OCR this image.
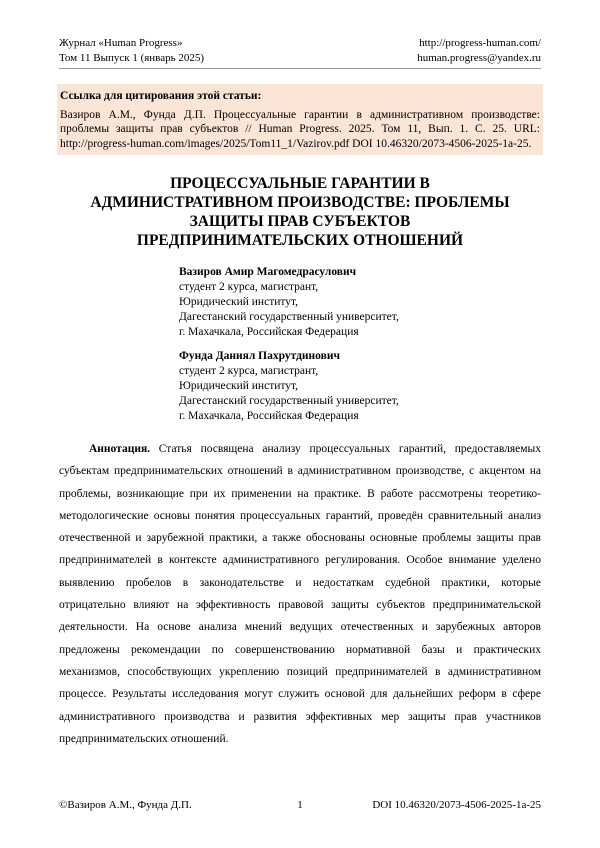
Журнал «Human Progress»
Том 11 Выпуск 1 (январь 2025)
http://progress-human.com/
human.progress@yandex.ru
Ссылка для цитирования этой статьи:
Вазиров А.М., Фунда Д.П. Процессуальные гарантии в административном производстве: проблемы защиты прав субъектов // Human Progress. 2025. Том 11, Вып. 1. С. 25. URL: http://progress-human.com/images/2025/Tom11_1/Vazirov.pdf DOI 10.46320/2073-4506-2025-1a-25.
ПРОЦЕССУАЛЬНЫЕ ГАРАНТИИ В
АДМИНИСТРАТИВНОМ ПРОИЗВОДСТВЕ: ПРОБЛЕМЫ
ЗАЩИТЫ ПРАВ СУБЪЕКТОВ
ПРЕДПРИНИМАТЕЛЬСКИХ ОТНОШЕНИЙ
Вазиров Амир Магомедрасулович
студент 2 курса, магистрант,
Юридический институт,
Дагестанский государственный университет,
г. Махачкала, Российская Федерация
Фунда Даниял Пахрутдинович
студент 2 курса, магистрант,
Юридический институт,
Дагестанский государственный университет,
г. Махачкала, Российская Федерация
Аннотация. Статья посвящена анализу процессуальных гарантий, предоставляемых субъектам предпринимательских отношений в административном производстве, с акцентом на проблемы, возникающие при их применении на практике. В работе рассмотрены теоретико-методологические основы понятия процессуальных гарантий, проведён сравнительный анализ отечественной и зарубежной практики, а также обоснованы основные проблемы защиты прав предпринимателей в контексте административного регулирования. Особое внимание уделено выявлению пробелов в законодательстве и недостаткам судебной практики, которые отрицательно влияют на эффективность правовой защиты субъектов предпринимательской деятельности. На основе анализа мнений ведущих отечественных и зарубежных авторов предложены рекомендации по совершенствованию нормативной базы и практических механизмов, способствующих укреплению позиций предпринимателей в административном процессе. Результаты исследования могут служить основой для дальнейших реформ в сфере административного производства и развития эффективных мер защиты прав участников предпринимательских отношений.
©Вазиров А.М., Фунда Д.П.	1	DOI 10.46320/2073-4506-2025-1a-25
